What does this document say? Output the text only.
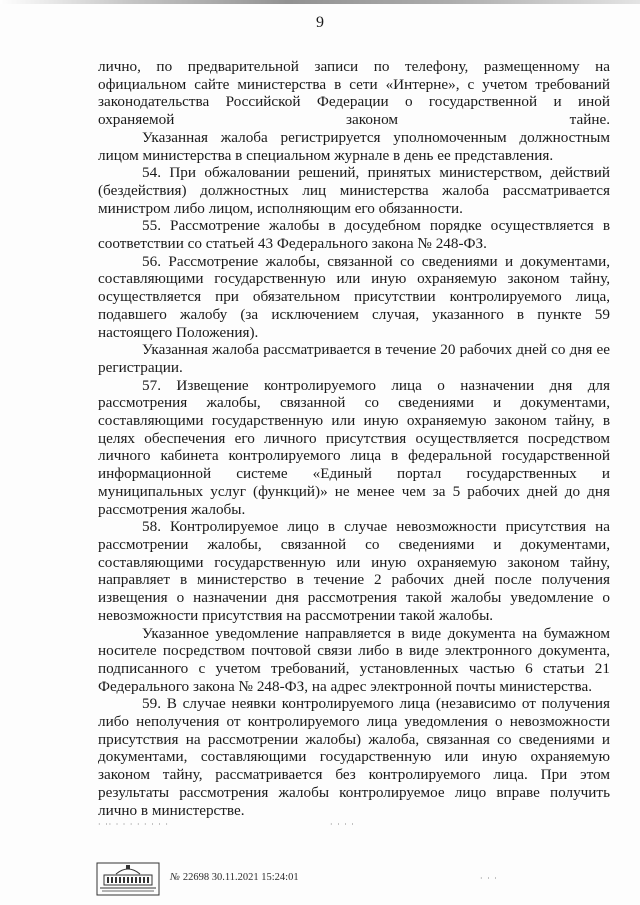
9

лично, по предварительной записи по телефону, размещенному на официальном сайте министерства в сети «Интерне», с учетом требований законодательства Российской Федерации о государственной и иной охраняемой законом тайне.

Указанная жалоба регистрируется уполномоченным должностным лицом министерства в специальном журнале в день ее представления.

54. При обжаловании решений, принятых министерством, действий (бездействия) должностных лиц министерства жалоба рассматривается министром либо лицом, исполняющим его обязанности.

55. Рассмотрение жалобы в досудебном порядке осуществляется в соответствии со статьей 43 Федерального закона № 248-ФЗ.

56. Рассмотрение жалобы, связанной со сведениями и документами, составляющими государственную или иную охраняемую законом тайну, осуществляется при обязательном присутствии контролируемого лица, подавшего жалобу (за исключением случая, указанного в пункте 59 настоящего Положения).

Указанная жалоба рассматривается в течение 20 рабочих дней со дня ее регистрации.

57. Извещение контролируемого лица о назначении дня для рассмотрения жалобы, связанной со сведениями и документами, составляющими государственную или иную охраняемую законом тайну, в целях обеспечения его личного присутствия осуществляется посредством личного кабинета контролируемого лица в федеральной государственной информационной системе «Единый портал государственных и муниципальных услуг (функций)» не менее чем за 5 рабочих дней до дня рассмотрения жалобы.

58. Контролируемое лицо в случае невозможности присутствия на рассмотрении жалобы, связанной со сведениями и документами, составляющими государственную или иную охраняемую законом тайну, направляет в министерство в течение 2 рабочих дней после получения извещения о назначении дня рассмотрения такой жалобы уведомление о невозможности присутствия на рассмотрении такой жалобы.

Указанное уведомление направляется в виде документа на бумажном носителе посредством почтовой связи либо в виде электронного документа, подписанного с учетом требований, установленных частью 6 статьи 21 Федерального закона № 248-ФЗ, на адрес электронной почты министерства.

59. В случае неявки контролируемого лица (независимо от получения либо неполучения от контролируемого лица уведомления о невозможности присутствия на рассмотрении жалобы) жалоба, связанная со сведениями и документами, составляющими государственную или иную охраняемую законом тайну, рассматривается без контролируемого лица. При этом результаты рассмотрения жалобы контролируемое лицо вправе получить лично в министерстве.

· ·· · · · · · · · ·	· · · ·
· · ·
№ 22698 30.11.2021 15:24:01
